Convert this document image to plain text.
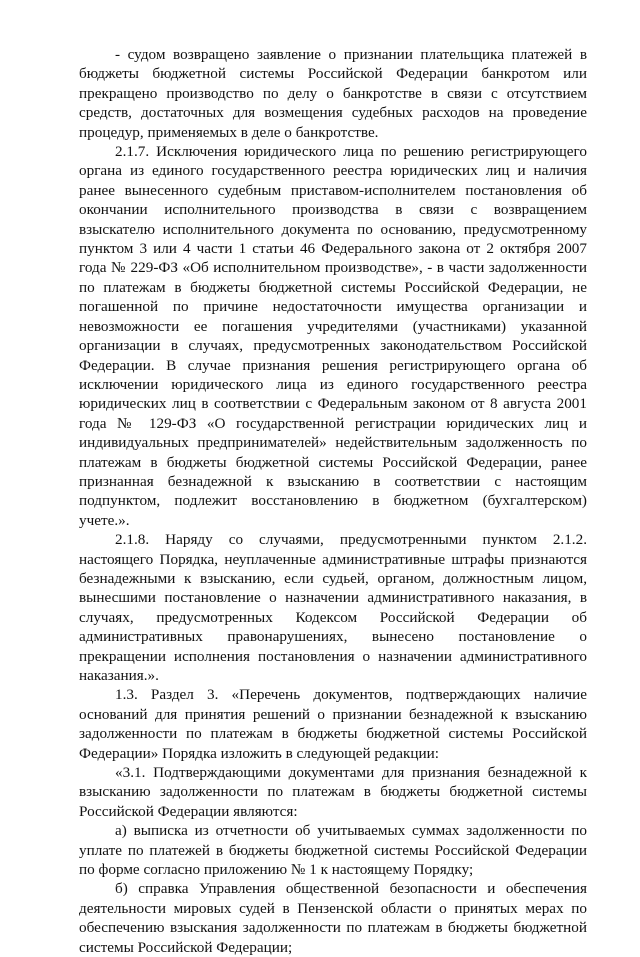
- судом возвращено заявление о признании плательщика платежей в бюджеты бюджетной системы Российской Федерации банкротом или прекращено производство по делу о банкротстве в связи с отсутствием средств, достаточных для возмещения судебных расходов на проведение процедур, применяемых в деле о банкротстве.

2.1.7. Исключения юридического лица по решению регистрирующего органа из единого государственного реестра юридических лиц и наличия ранее вынесенного судебным приставом-исполнителем постановления об окончании исполнительного производства в связи с возвращением взыскателю исполнительного документа по основанию, предусмотренному пунктом 3 или 4 части 1 статьи 46 Федерального закона от 2 октября 2007 года № 229-ФЗ «Об исполнительном производстве», - в части задолженности по платежам в бюджеты бюджетной системы Российской Федерации, не погашенной по причине недостаточности имущества организации и невозможности ее погашения учредителями (участниками) указанной организации в случаях, предусмотренных законодательством Российской Федерации. В случае признания решения регистрирующего органа об исключении юридического лица из единого государственного реестра юридических лиц в соответствии с Федеральным законом от 8 августа 2001 года № 129-ФЗ «О государственной регистрации юридических лиц и индивидуальных предпринимателей» недействительным задолженность по платежам в бюджеты бюджетной системы Российской Федерации, ранее признанная безнадежной к взысканию в соответствии с настоящим подпунктом, подлежит восстановлению в бюджетном (бухгалтерском) учете.».

2.1.8. Наряду со случаями, предусмотренными пунктом 2.1.2. настоящего Порядка, неуплаченные административные штрафы признаются безнадежными к взысканию, если судьей, органом, должностным лицом, вынесшими постановление о назначении административного наказания, в случаях, предусмотренных Кодексом Российской Федерации об административных правонарушениях, вынесено постановление о прекращении исполнения постановления о назначении административного наказания.».

1.3. Раздел 3. «Перечень документов, подтверждающих наличие оснований для принятия решений о признании безнадежной к взысканию задолженности по платежам в бюджеты бюджетной системы Российской Федерации» Порядка изложить в следующей редакции:

«3.1. Подтверждающими документами для признания безнадежной к взысканию задолженности по платежам в бюджеты бюджетной системы Российской Федерации являются:

а) выписка из отчетности об учитываемых суммах задолженности по уплате по платежей в бюджеты бюджетной системы Российской Федерации по форме согласно приложению № 1 к настоящему Порядку;

б) справка Управления общественной безопасности и обеспечения деятельности мировых судей в Пензенской области о принятых мерах по обеспечению взыскания задолженности по платежам в бюджеты бюджетной системы Российской Федерации;
